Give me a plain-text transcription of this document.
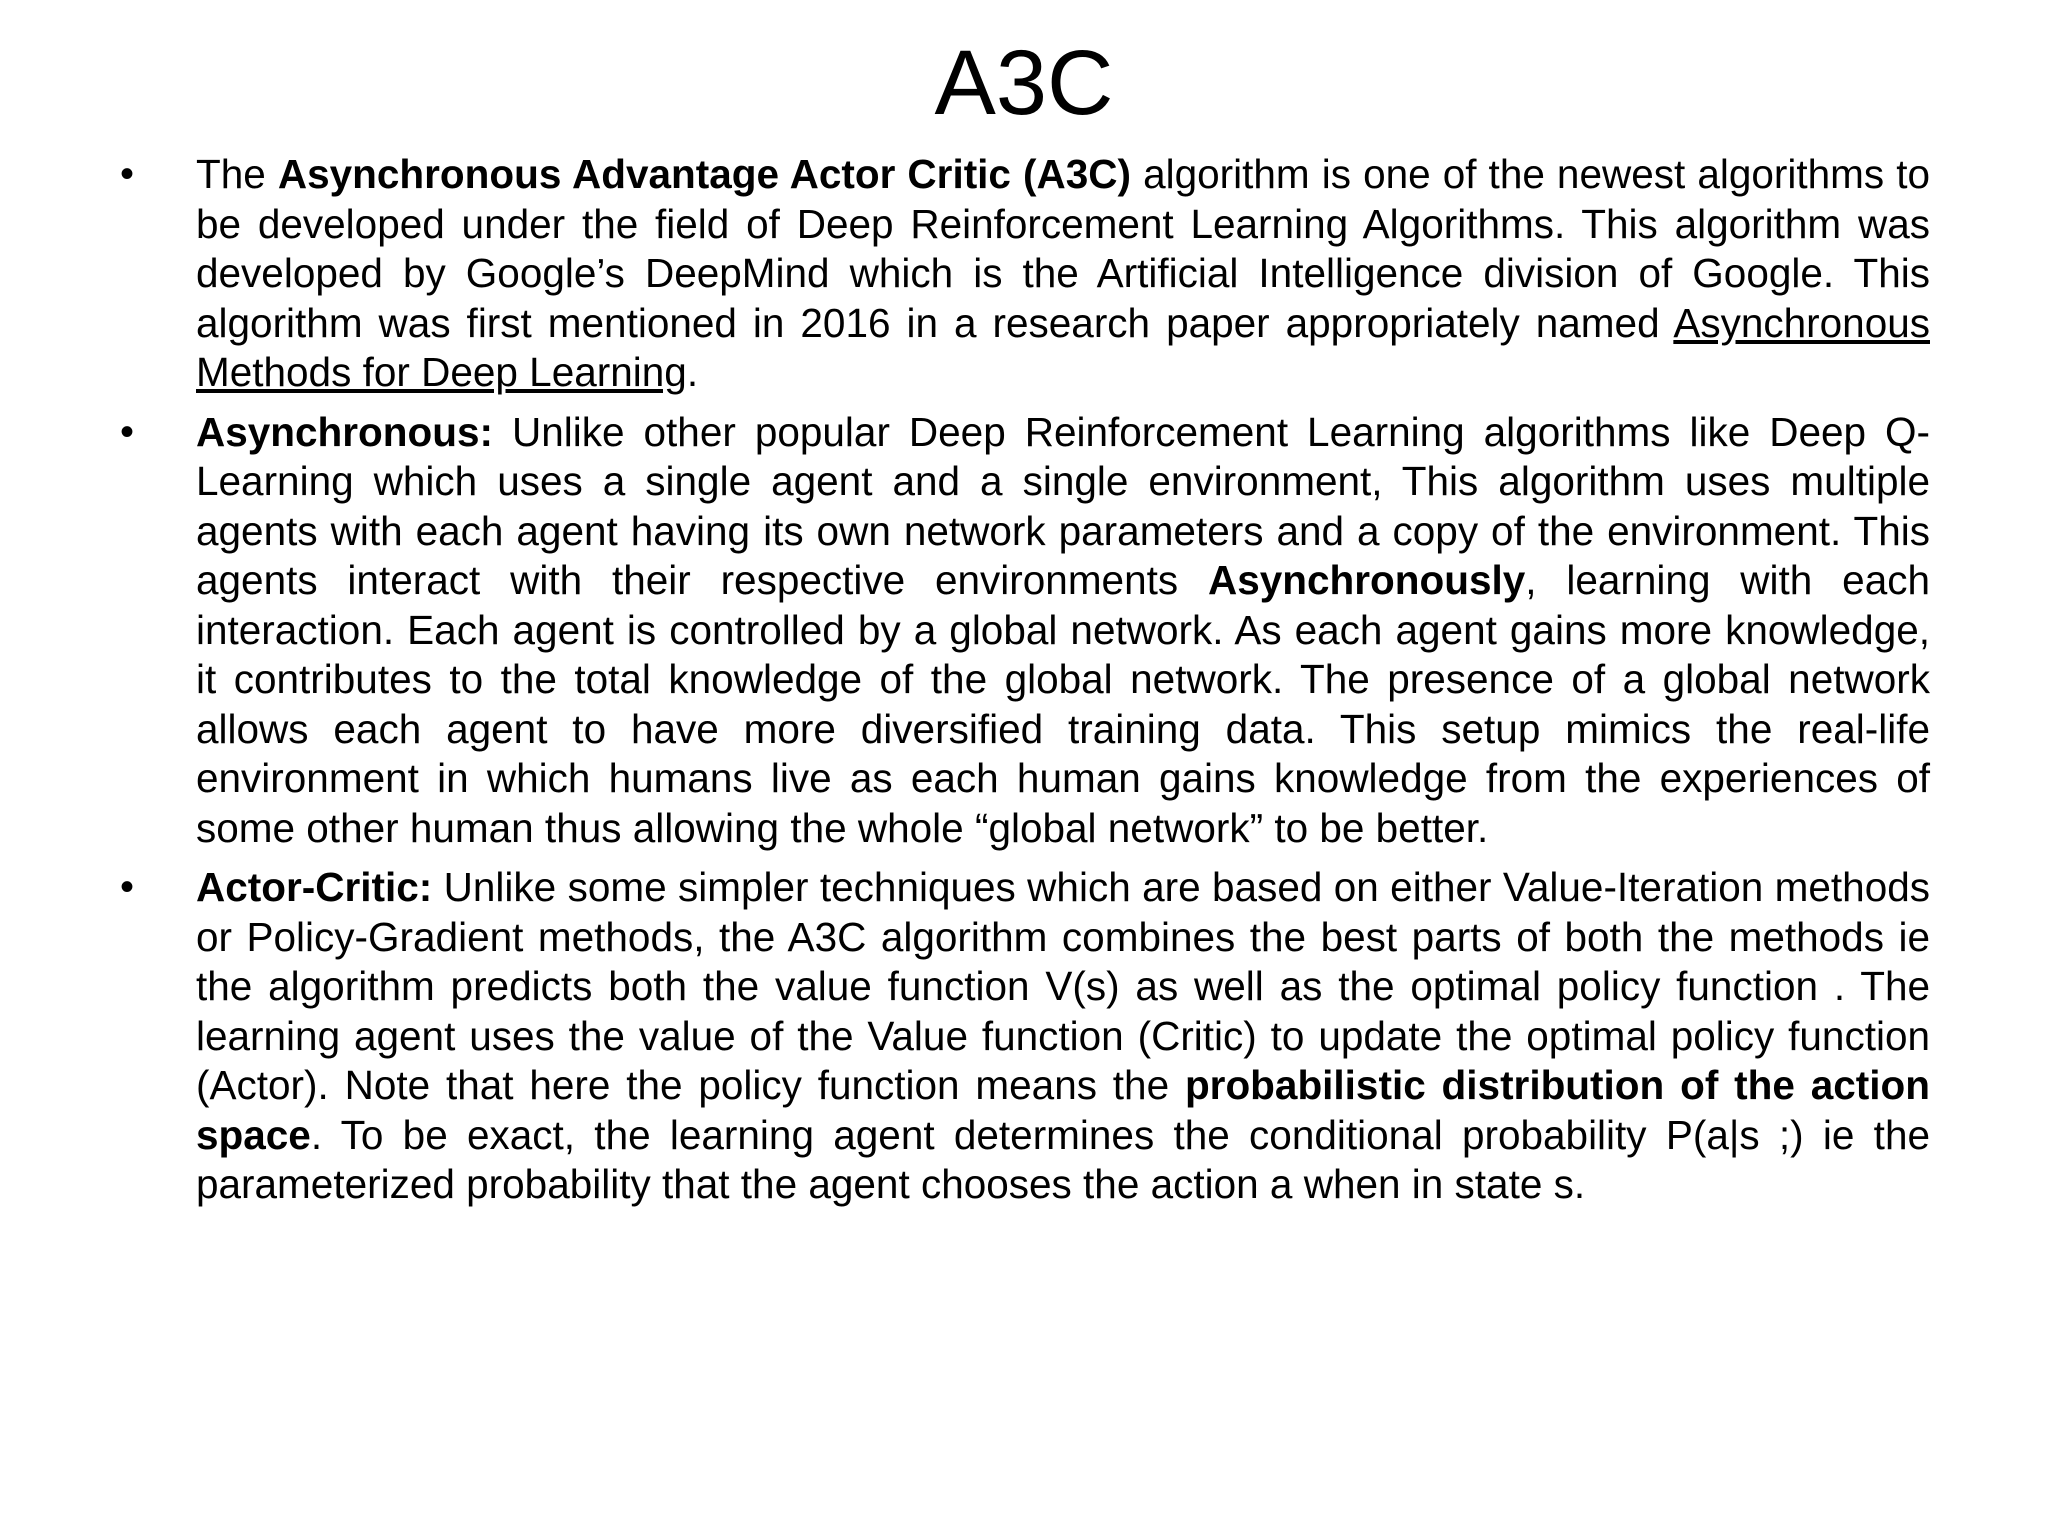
A3C
•	The Asynchronous Advantage Actor Critic (A3C) algorithm is one of the newest algorithms to be developed under the field of Deep Reinforcement Learning Algorithms. This algorithm was developed by Google’s DeepMind which is the Artificial Intelligence division of Google. This algorithm was first mentioned in 2016 in a research paper appropriately named Asynchronous Methods for Deep Learning.
•	Asynchronous: Unlike other popular Deep Reinforcement Learning algorithms like Deep Q-Learning which uses a single agent and a single environment, This algorithm uses multiple agents with each agent having its own network parameters and a copy of the environment. This agents interact with their respective environments Asynchronously, learning with each interaction. Each agent is controlled by a global network. As each agent gains more knowledge, it contributes to the total knowledge of the global network. The presence of a global network allows each agent to have more diversified training data. This setup mimics the real-life environment in which humans live as each human gains knowledge from the experiences of some other human thus allowing the whole “global network” to be better.
•	Actor-Critic: Unlike some simpler techniques which are based on either Value-Iteration methods or Policy-Gradient methods, the A3C algorithm combines the best parts of both the methods ie the algorithm predicts both the value function V(s) as well as the optimal policy function . The learning agent uses the value of the Value function (Critic) to update the optimal policy function (Actor). Note that here the policy function means the probabilistic distribution of the action space. To be exact, the learning agent determines the conditional probability P(a|s ;) ie the parameterized probability that the agent chooses the action a when in state s.
